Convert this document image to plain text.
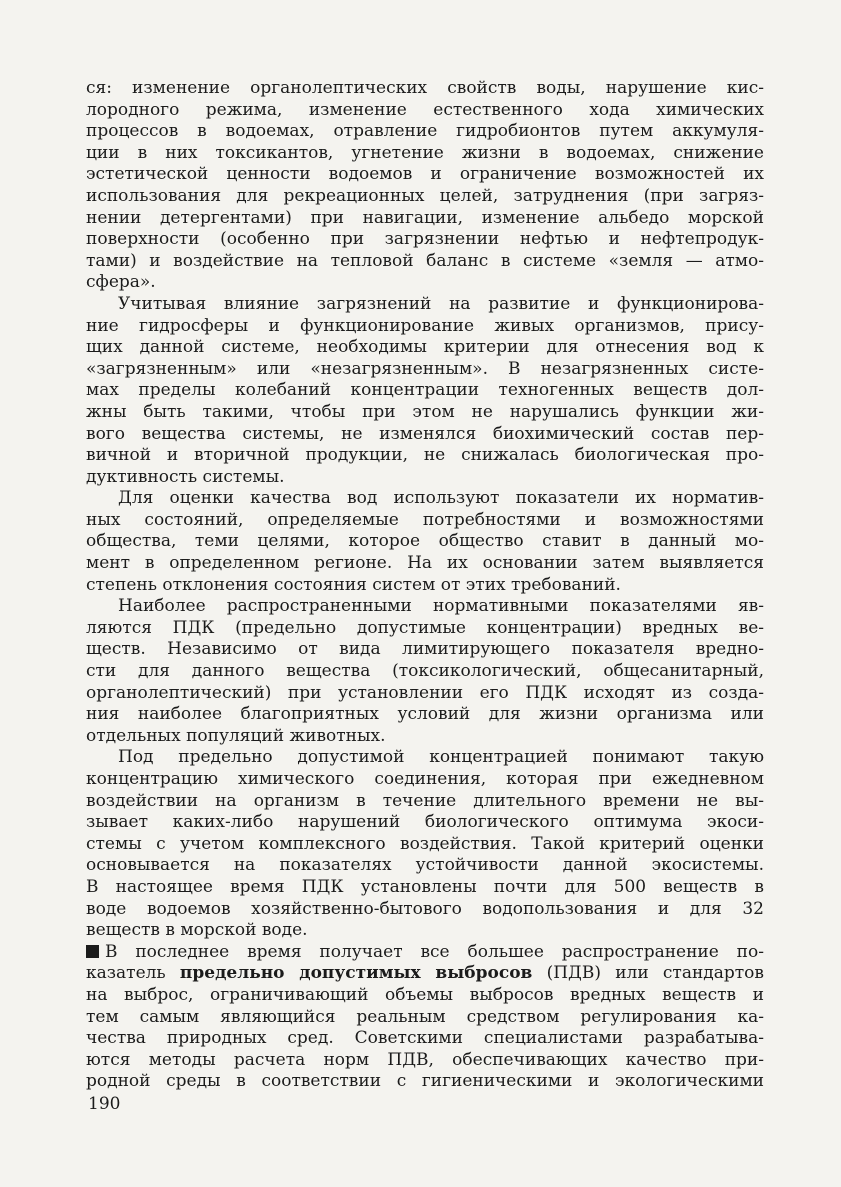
ся: изменение органолептических свойств воды, нарушение кис-
лородного режима, изменение естественного хода химических
процессов в водоемах, отравление гидробионтов путем аккумуля-
ции в них токсикантов, угнетение жизни в водоемах, снижение
эстетической ценности водоемов и ограничение возможностей их
использования для рекреационных целей, затруднения (при загряз-
нении детергентами) при навигации, изменение альбедо морской
поверхности (особенно при загрязнении нефтью и нефтепродук-
тами) и воздействие на тепловой баланс в системе «земля — атмо-
сфера».
Учитывая влияние загрязнений на развитие и функционирова-
ние гидросферы и функционирование живых организмов, прису-
щих данной системе, необходимы критерии для отнесения вод к
«загрязненным» или «незагрязненным». В незагрязненных систе-
мах пределы колебаний концентрации техногенных веществ дол-
жны быть такими, чтобы при этом не нарушались функции жи-
вого вещества системы, не изменялся биохимический состав пер-
вичной и вторичной продукции, не снижалась биологическая про-
дуктивность системы.
Для оценки качества вод используют показатели их норматив-
ных состояний, определяемые потребностями и возможностями
общества, теми целями, которое общество ставит в данный мо-
мент в определенном регионе. На их основании затем выявляется
степень отклонения состояния систем от этих требований.
Наиболее распространенными нормативными показателями яв-
ляются ПДК (предельно допустимые концентрации) вредных ве-
ществ. Независимо от вида лимитирующего показателя вредно-
сти для данного вещества (токсикологический, общесанитарный,
органолептический) при установлении его ПДК исходят из созда-
ния наиболее благоприятных условий для жизни организма или
отдельных популяций животных.
Под предельно допустимой концентрацией понимают такую
концентрацию химического соединения, которая при ежедневном
воздействии на организм в течение длительного времени не вы-
зывает каких-либо нарушений биологического оптимума экоси-
стемы с учетом комплексного воздействия. Такой критерий оценки
основывается на показателях устойчивости данной экосистемы.
В настоящее время ПДК установлены почти для 500 веществ в
воде водоемов хозяйственно-бытового водопользования и для 32
веществ в морской воде.
В последнее время получает все большее распространение по-
казатель предельно допустимых выбросов (ПДВ) или стандартов
на выброс, ограничивающий объемы выбросов вредных веществ и
тем самым являющийся реальным средством регулирования ка-
чества природных сред. Советскими специалистами разрабатыва-
ются методы расчета норм ПДВ, обеспечивающих качество при-
родной среды в соответствии с гигиеническими и экологическими
190
